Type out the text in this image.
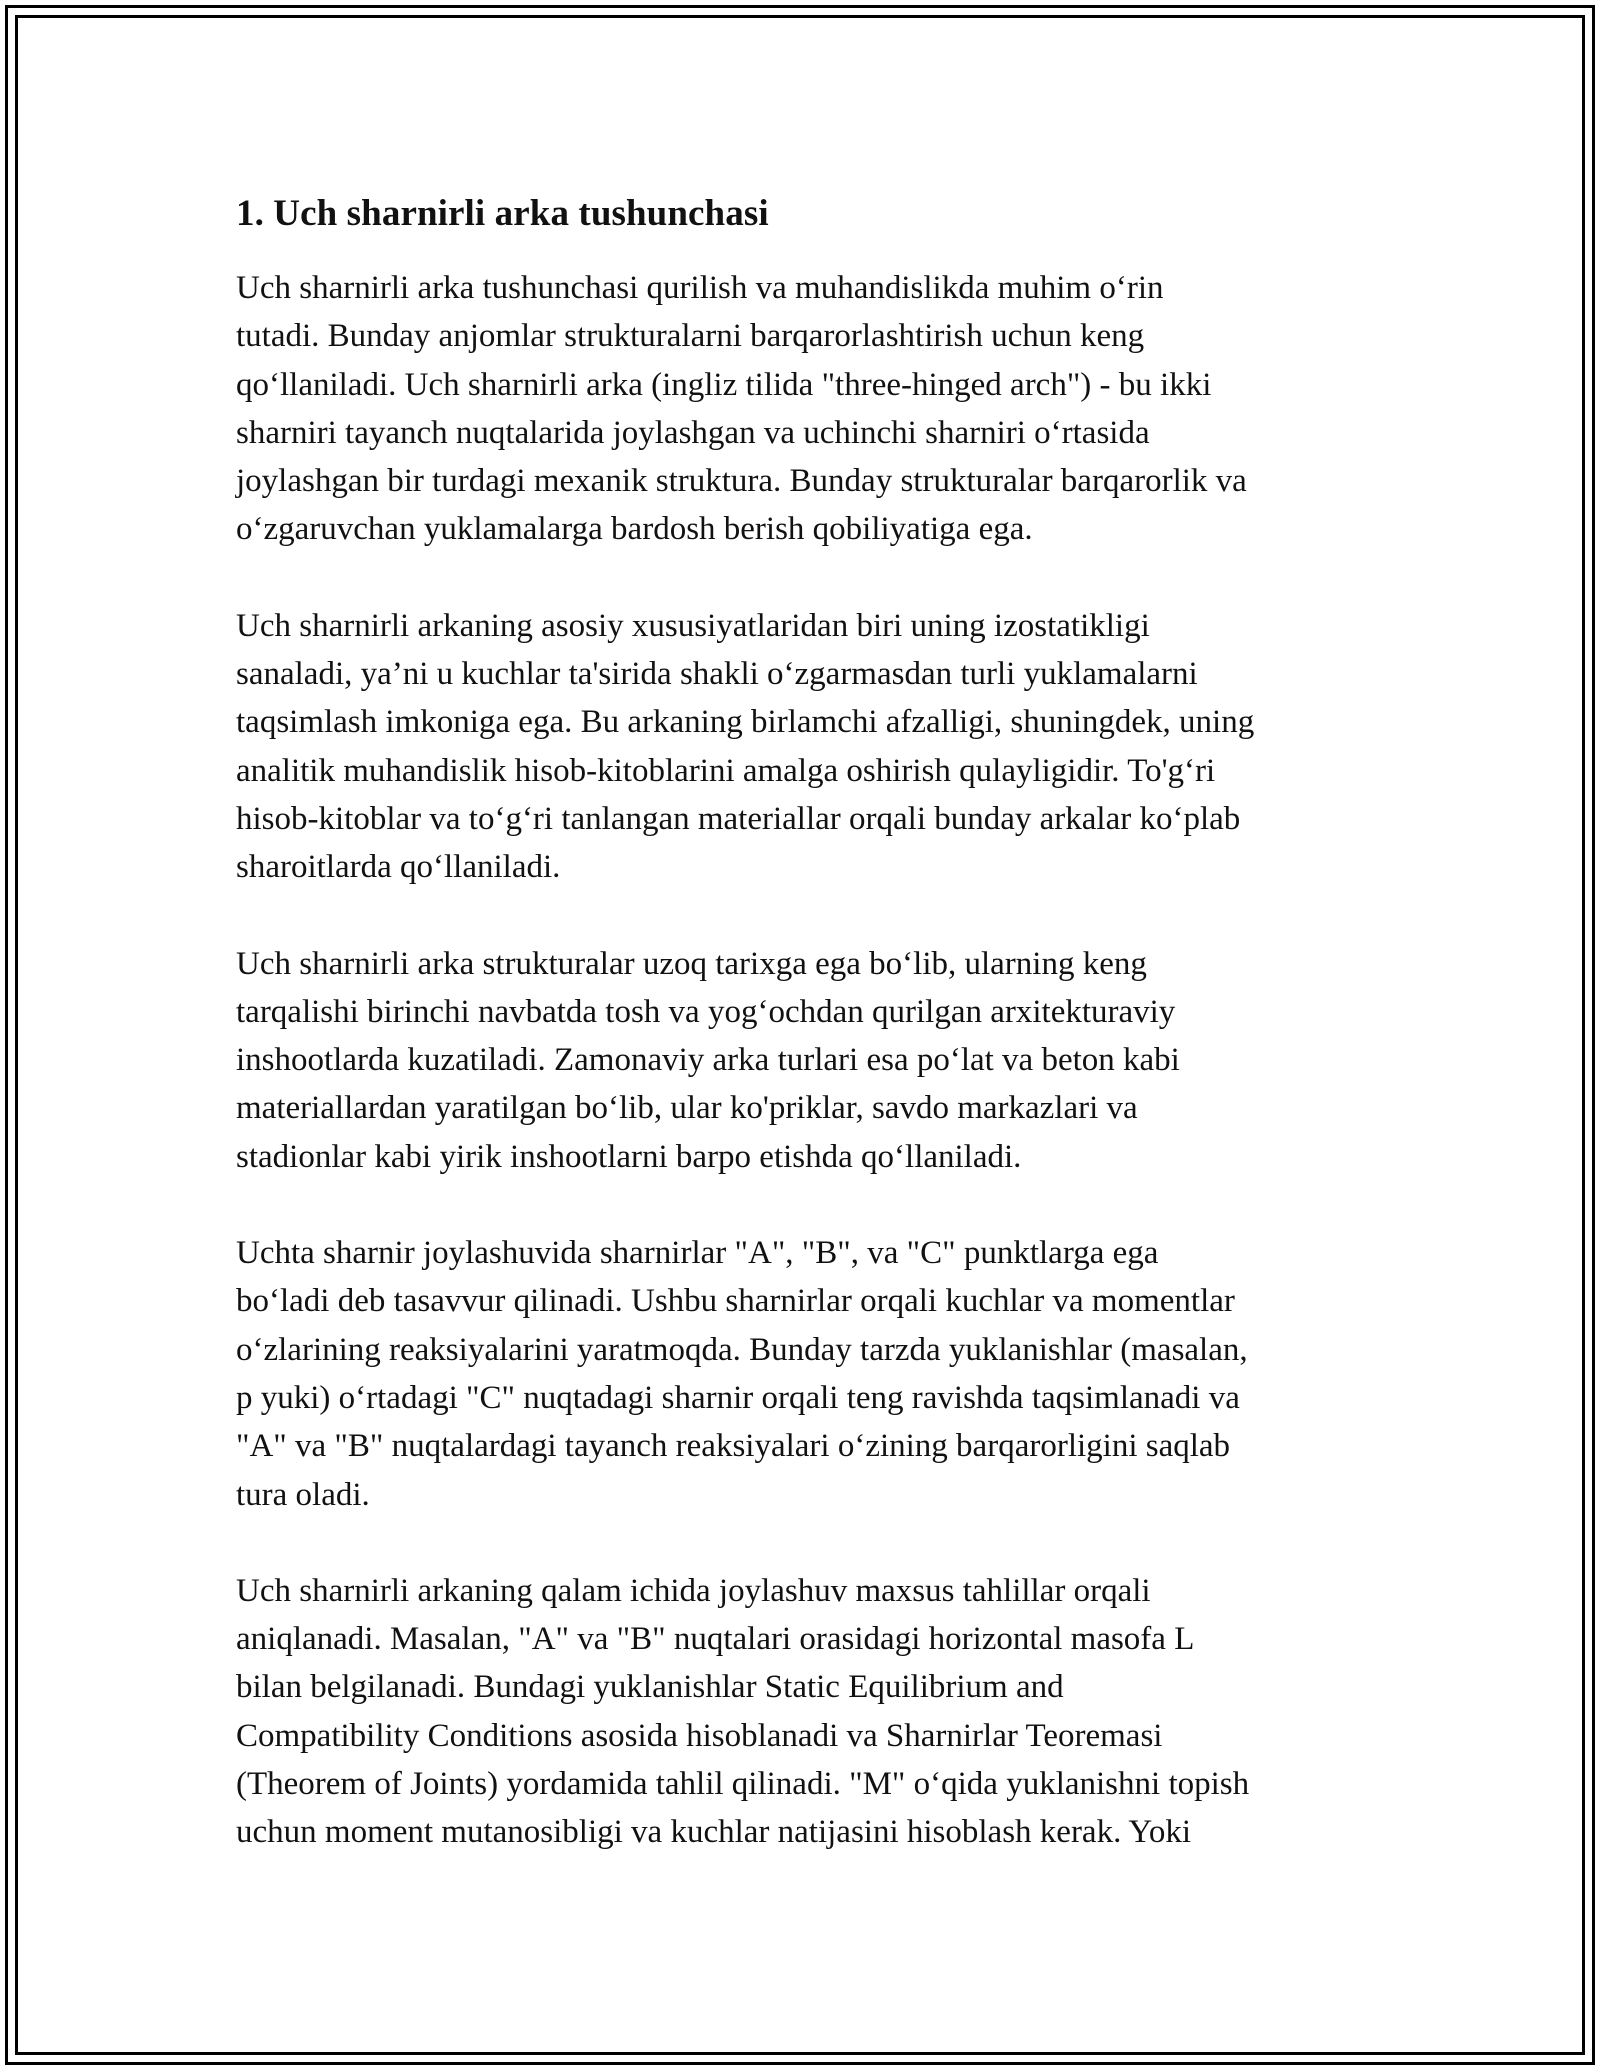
1. Uch sharnirli arka tushunchasi

Uch sharnirli arka tushunchasi qurilish va muhandislikda muhim o‘rin
tutadi. Bunday anjomlar strukturalarni barqarorlashtirish uchun keng
qo‘llaniladi. Uch sharnirli arka (ingliz tilida "three-hinged arch") - bu ikki
sharniri tayanch nuqtalarida joylashgan va uchinchi sharniri o‘rtasida
joylashgan bir turdagi mexanik struktura. Bunday strukturalar barqarorlik va
o‘zgaruvchan yuklamalarga bardosh berish qobiliyatiga ega.

Uch sharnirli arkaning asosiy xususiyatlaridan biri uning izostatikligi
sanaladi, ya’ni u kuchlar ta'sirida shakli o‘zgarmasdan turli yuklamalarni
taqsimlash imkoniga ega. Bu arkaning birlamchi afzalligi, shuningdek, uning
analitik muhandislik hisob-kitoblarini amalga oshirish qulayligidir. To'g‘ri
hisob-kitoblar va to‘g‘ri tanlangan materiallar orqali bunday arkalar ko‘plab
sharoitlarda qo‘llaniladi.

Uch sharnirli arka strukturalar uzoq tarixga ega bo‘lib, ularning keng
tarqalishi birinchi navbatda tosh va yog‘ochdan qurilgan arxitekturaviy
inshootlarda kuzatiladi. Zamonaviy arka turlari esa po‘lat va beton kabi
materiallardan yaratilgan bo‘lib, ular ko'priklar, savdo markazlari va
stadionlar kabi yirik inshootlarni barpo etishda qo‘llaniladi.

Uchta sharnir joylashuvida sharnirlar "A", "B", va "C" punktlarga ega
bo‘ladi deb tasavvur qilinadi. Ushbu sharnirlar orqali kuchlar va momentlar
o‘zlarining reaksiyalarini yaratmoqda. Bunday tarzda yuklanishlar (masalan,
p yuki) o‘rtadagi "C" nuqtadagi sharnir orqali teng ravishda taqsimlanadi va
"A" va "B" nuqtalardagi tayanch reaksiyalari o‘zining barqarorligini saqlab
tura oladi.

Uch sharnirli arkaning qalam ichida joylashuv maxsus tahlillar orqali
aniqlanadi. Masalan, "A" va "B" nuqtalari orasidagi horizontal masofa L
bilan belgilanadi. Bundagi yuklanishlar Static Equilibrium and
Compatibility Conditions asosida hisoblanadi va Sharnirlar Teoremasi
(Theorem of Joints) yordamida tahlil qilinadi. "M" o‘qida yuklanishni topish
uchun moment mutanosibligi va kuchlar natijasini hisoblash kerak. Yoki
